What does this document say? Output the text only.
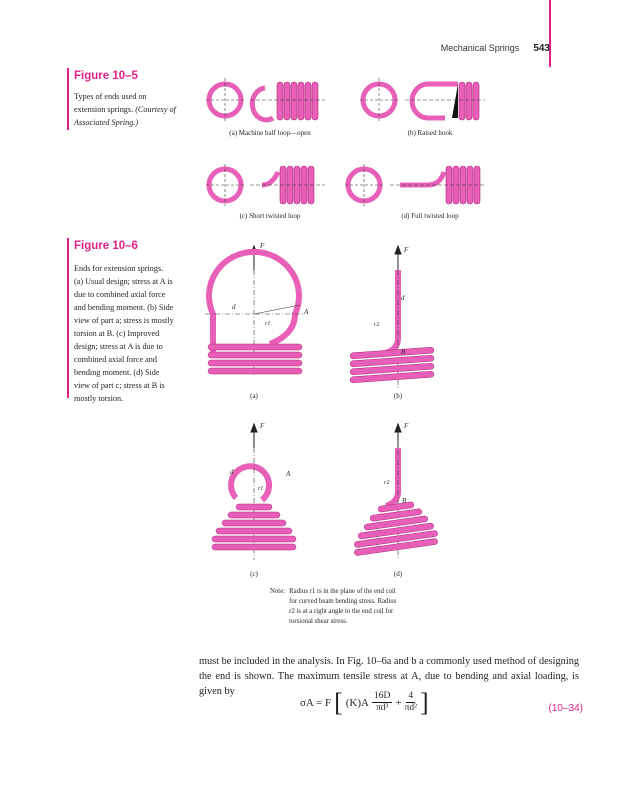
Mechanical Springs 543
Figure 10–5
Types of ends used on extension springs. (Courtesy of Associated Spring.)
(a) Machine half loop—open	(b) Raised hook
(c) Short twisted loop	(d) Full twisted loop
Figure 10–6
Ends for extension springs.
(a) Usual design; stress at A is
due to combined axial force
and bending moment. (b) Side
view of part a; stress is mostly
torsion at B. (c) Improved
design; stress at A is due to
combined axial force and
bending moment. (d) Side
view of part c; stress at B is
mostly torsion.
F	F
F	F
d
A
r1
d
r2
B
d	A
r1
r2
B
(a)	(b)
(c)	(d)
Note: Radius r1 is in the plane of the end coil for curved beam bending stress. Radius r2 is at a right angle to the end coil for torsional shear stress.
must be included in the analysis. In Fig. 10–6a and b a commonly used method of designing the end is shown. The maximum tensile stress at A, due to bending and axial loading, is given by
σA = F [ $(K)A \frac{16D}{\text{πd³}} + \frac{4}{\text{πd²}}$ ]	(10–34)
